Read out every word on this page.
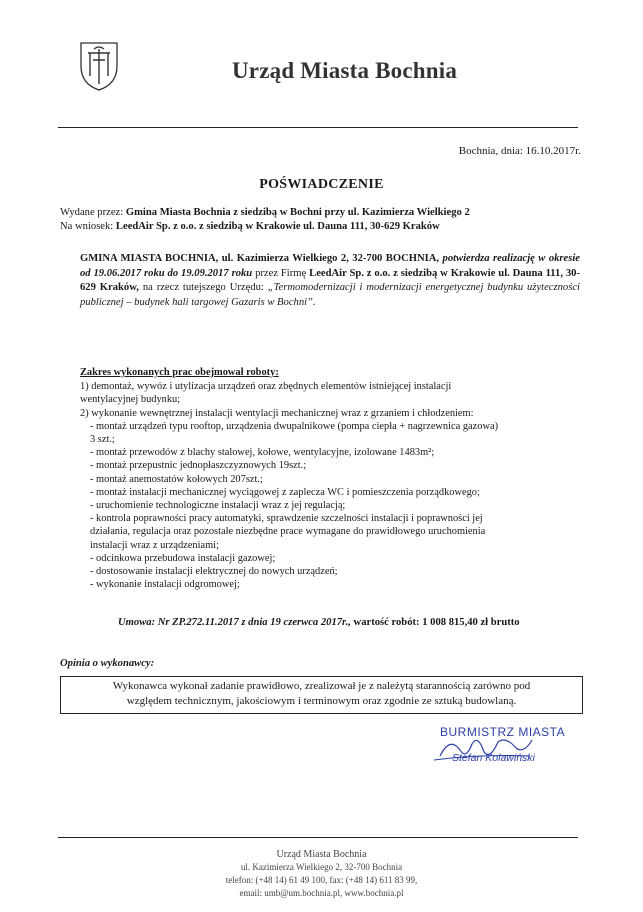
Urząd Miasta Bochnia
Bochnia, dnia: 16.10.2017r.
POŚWIADCZENIE
Wydane przez: Gmina Miasta Bochnia z siedzibą w Bochni przy ul. Kazimierza Wielkiego 2
Na wniosek: LeedAir Sp. z o.o. z siedzibą w Krakowie ul. Dauna 111, 30-629 Kraków
GMINA MIASTA BOCHNIA, ul. Kazimierza Wielkiego 2, 32-700 BOCHNIA, potwierdza realizację w okresie od 19.06.2017 roku do 19.09.2017 roku przez Firmę LeedAir Sp. z o.o. z siedzibą w Krakowie ul. Dauna 111, 30-629 Kraków, na rzecz tutejszego Urzędu: „Termomodernizacji i modernizacji energetycznej budynku użyteczności publicznej – budynek hali targowej Gazaris w Bochni”.
Zakres wykonanych prac obejmował roboty:
1) demontaż, wywóz i utylizacja urządzeń oraz zbędnych elementów istniejącej instalacji
wentylacyjnej budynku;
2) wykonanie wewnętrznej instalacji wentylacji mechanicznej wraz z grzaniem i chłodzeniem:
- montaż urządzeń typu rooftop, urządzenia dwupalnikowe (pompa ciepła + nagrzewnica gazowa)
3 szt.;
- montaż przewodów z blachy stalowej, kołowe, wentylacyjne, izolowane 1483m²;
- montaż przepustnic jednopłaszczyznowych 19szt.;
- montaż anemostatów kołowych 207szt.;
- montaż instalacji mechanicznej wyciągowej z zaplecza WC i pomieszczenia porządkowego;
- uruchomienie technologiczne instalacji wraz z jej regulacją;
- kontrola poprawności pracy automatyki, sprawdzenie szczelności instalacji i poprawności jej
działania, regulacja oraz pozostałe niezbędne prace wymagane do prawidłowego uruchomienia
instalacji wraz z urządzeniami;
- odcinkowa przebudowa instalacji gazowej;
- dostosowanie instalacji elektrycznej do nowych urządzeń;
- wykonanie instalacji odgromowej;
Umowa: Nr ZP.272.11.2017 z dnia 19 czerwca 2017r., wartość robót: 1 008 815,40 zł brutto
Opinia o wykonawcy:
Wykonawca wykonał zadanie prawidłowo, zrealizował je z należytą starannością zarówno pod
względem technicznym, jakościowym i terminowym oraz zgodnie ze sztuką budowlaną.
BURMISTRZ MIASTA
Stefan Kolawiński
Urząd Miasta Bochnia
ul. Kazimierza Wielkiego 2, 32-700 Bochnia
telefon: (+48 14) 61 49 100, fax: (+48 14) 611 83 99,
email: umb@um.bochnia.pl, www.bochnia.pl
